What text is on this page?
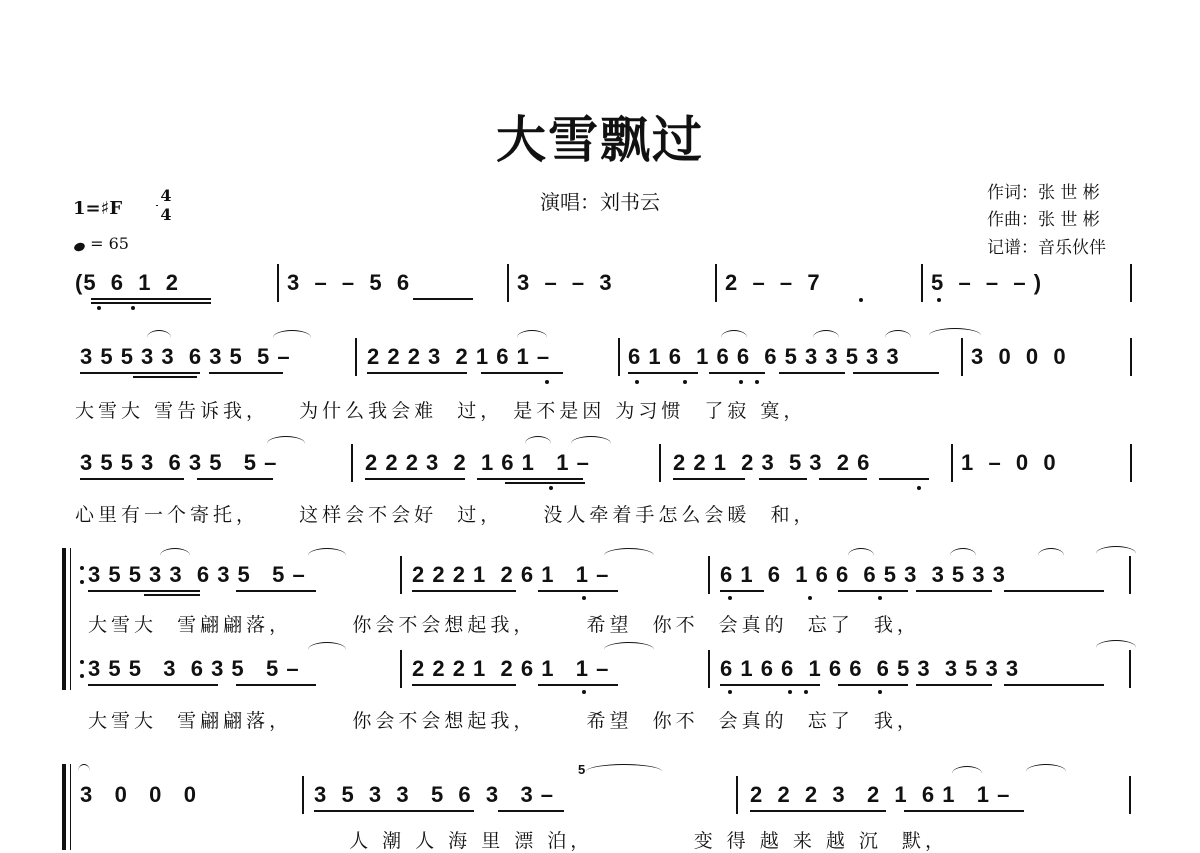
大雪飘过
演唱：刘书云	作词：张 世 彬
作曲：张 世 彬
记谱：音乐伙伴
1=♯F
4
4
= 65
(5  6  1  2	3  –  –  5  6	3  –  –  3	2  –  –  7	5  –  –  – )
3 5 5 3 3  6 3 5  5 –	2 2 2 3  2 1 6 1 –	6 1 6  1 6 6  6 5 3 3 5 3 3	3  0  0  0
大雪大 雪告诉我，   为什么我会难  过， 是不是因 为习惯  了寂 寞，
3 5 5 3  6 3 5   5 –	2 2 2 3  2  1 6 1   1 –	2 2 1  2 3  5 3  2 6	1  –  0  0
心里有一个寄托，    这样会不会好  过，    没人牵着手怎么会暖  和，
3 5 5 3 3  6 3 5   5 –	2 2 2 1  2 6 1   1 –	6 1  6  1 6 6  6 5 3  3 5 3 3
大雪大  雪翩翩落，      你会不会想起我，     希望  你不  会真的  忘了  我，
3 5 5   3  6 3 5   5 –	2 2 2 1  2 6 1   1 –	6 1 6 6  1 6 6  6 5 3  3 5 3 3
大雪大  雪翩翩落，      你会不会想起我，     希望  你不  会真的  忘了  我，
3   0   0   0	3  5  3  3   5  6  3   3 –	2  2  2  3   2  1  6 1   1 –
5
人 潮 人 海 里 漂 泊，          变 得 越 来 越 沉  默，
